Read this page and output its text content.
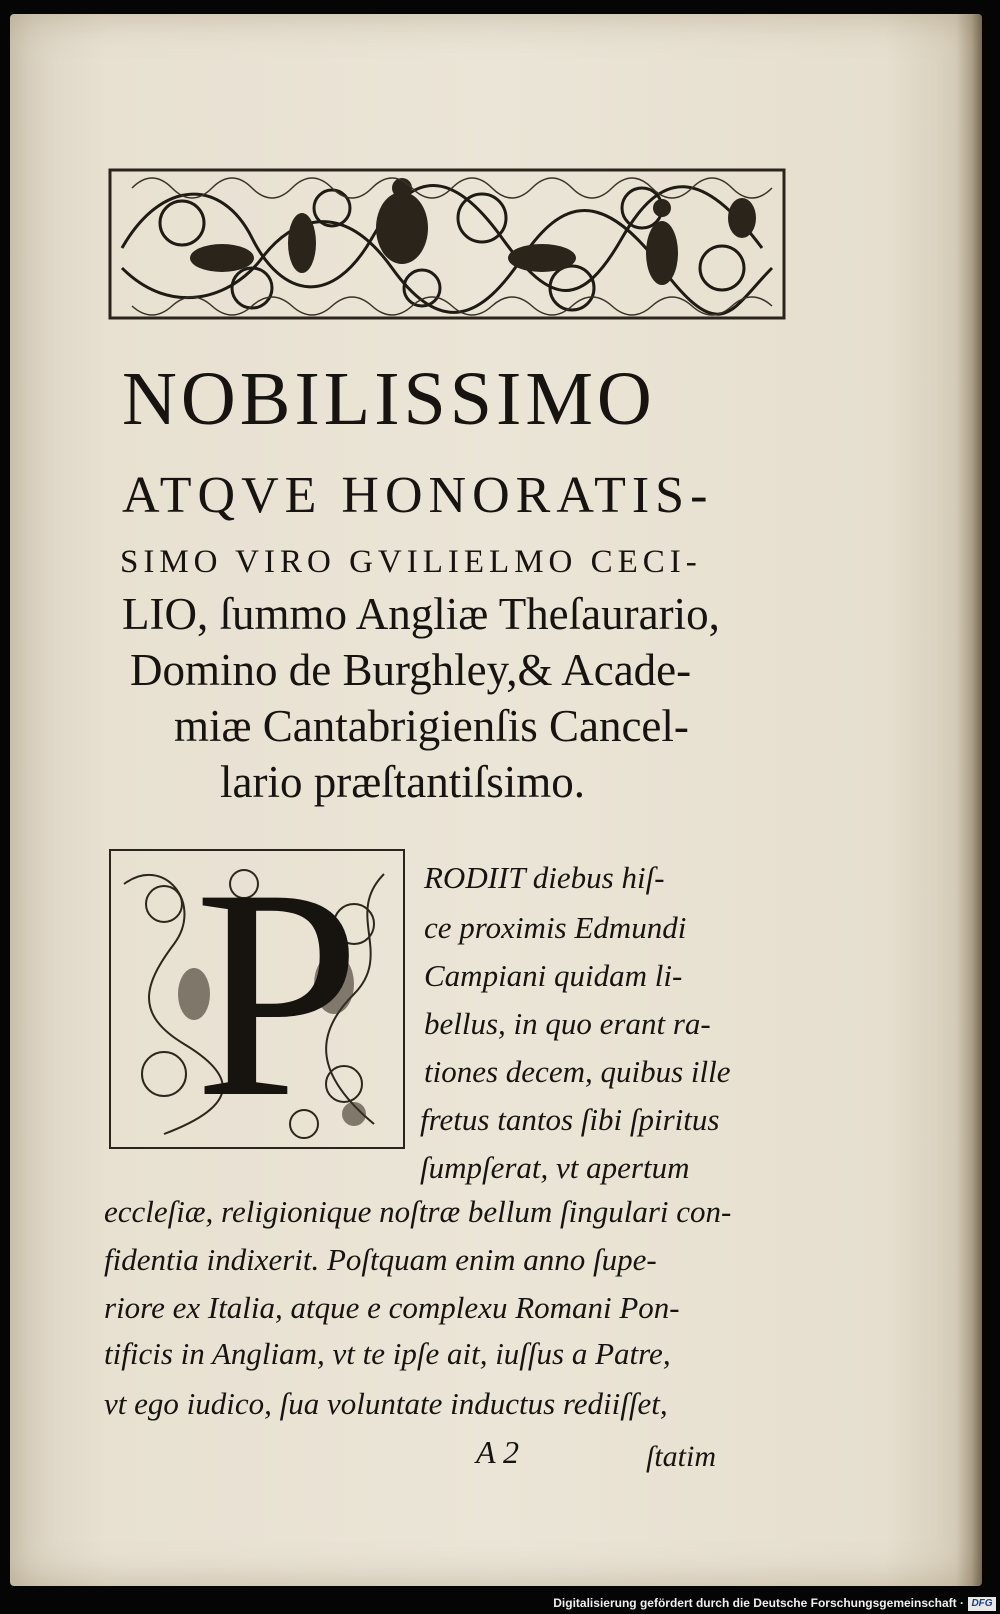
NOBILISSIMO
ATQVE HONORATIS-
SIMO VIRO GVILIELMO CECI-
LIO, ſummo Angliæ Theſaurario,
Domino de Burghley,& Acade-
miæ Cantabrigienſis Cancel-
lario præſtantiſsimo.
P RODIIT diebus hiſ-
ce proximis Edmundi
Campiani quidam li-
bellus, in quo erant ra-
tiones decem, quibus ille
fretus tantos ſibi ſpiritus
ſumpſerat, vt apertum
eccleſiæ, religionique noſtræ bellum ſingulari con-
fidentia indixerit. Poſtquam enim anno ſupe-
riore ex Italia, atque e complexu Romani Pon-
tificis in Angliam, vt te ipſe ait, iuſſus a Patre,
vt ego iudico, ſua voluntate inductus rediiſſet,
A 2	ſtatim
Digitalisierung gefördert durch die Deutsche Forschungsgemeinschaft · DFG
